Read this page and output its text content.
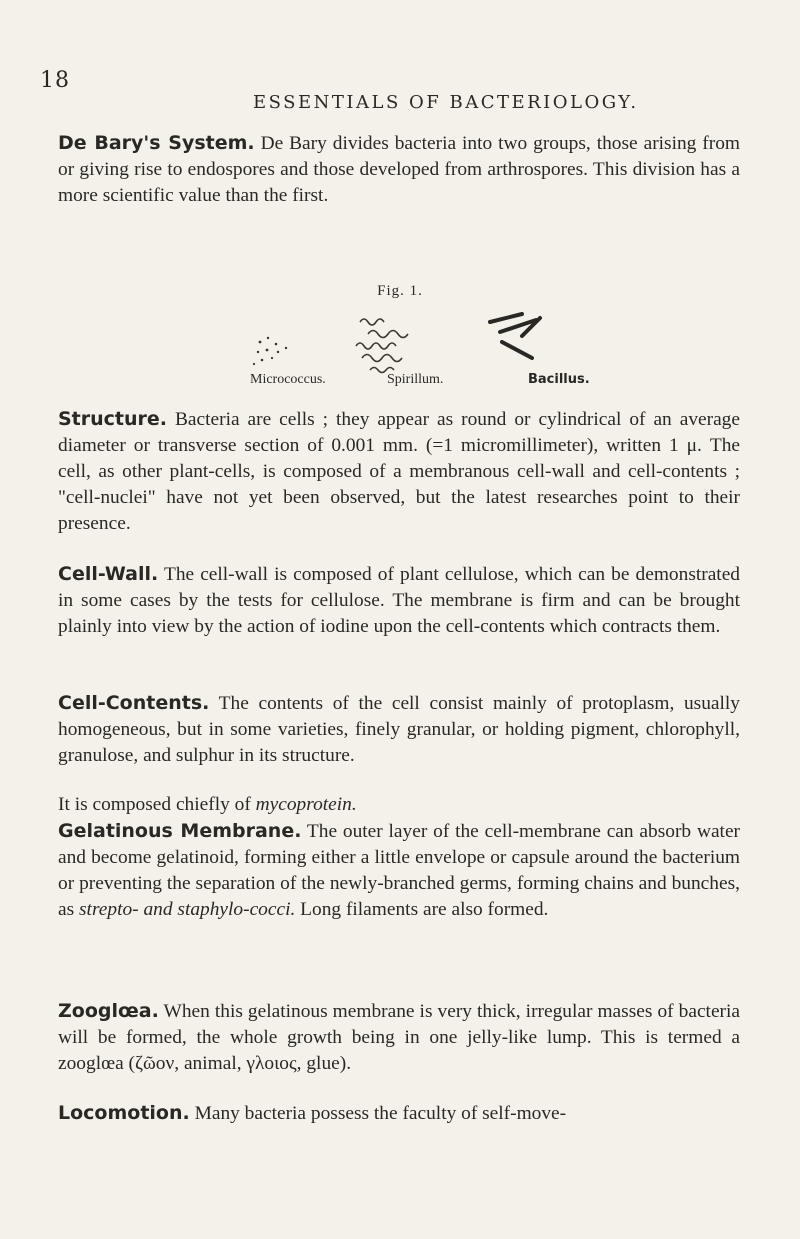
18
ESSENTIALS OF BACTERIOLOGY.

De Bary's System. De Bary divides bacteria into two groups, those arising from or giving rise to endospores and those developed from arthrospores. This division has a more scientific value than the first.

Fig. 1.
Micrococcus.	Spirillum.	Bacillus.

Structure. Bacteria are cells ; they appear as round or cylindrical of an average diameter or transverse section of 0.001 mm. (=1 micromillimeter), written 1 μ. The cell, as other plant-cells, is composed of a membranous cell-wall and cell-contents ; "cell-nuclei" have not yet been observed, but the latest researches point to their presence.

Cell-Wall. The cell-wall is composed of plant cellulose, which can be demonstrated in some cases by the tests for cellulose. The membrane is firm and can be brought plainly into view by the action of iodine upon the cell-contents which contracts them.

Cell-Contents. The contents of the cell consist mainly of protoplasm, usually homogeneous, but in some varieties, finely granular, or holding pigment, chlorophyll, granulose, and sulphur in its structure.

It is composed chiefly of mycoprotein.

Gelatinous Membrane. The outer layer of the cell-membrane can absorb water and become gelatinoid, forming either a little envelope or capsule around the bacterium or preventing the separation of the newly-branched germs, forming chains and bunches, as strepto- and staphylo-cocci. Long filaments are also formed.

Zooglœa. When this gelatinous membrane is very thick, irregular masses of bacteria will be formed, the whole growth being in one jelly-like lump. This is termed a zooglœa (ζῶον, animal, γλοιος, glue).

Locomotion. Many bacteria possess the faculty of self-move-
